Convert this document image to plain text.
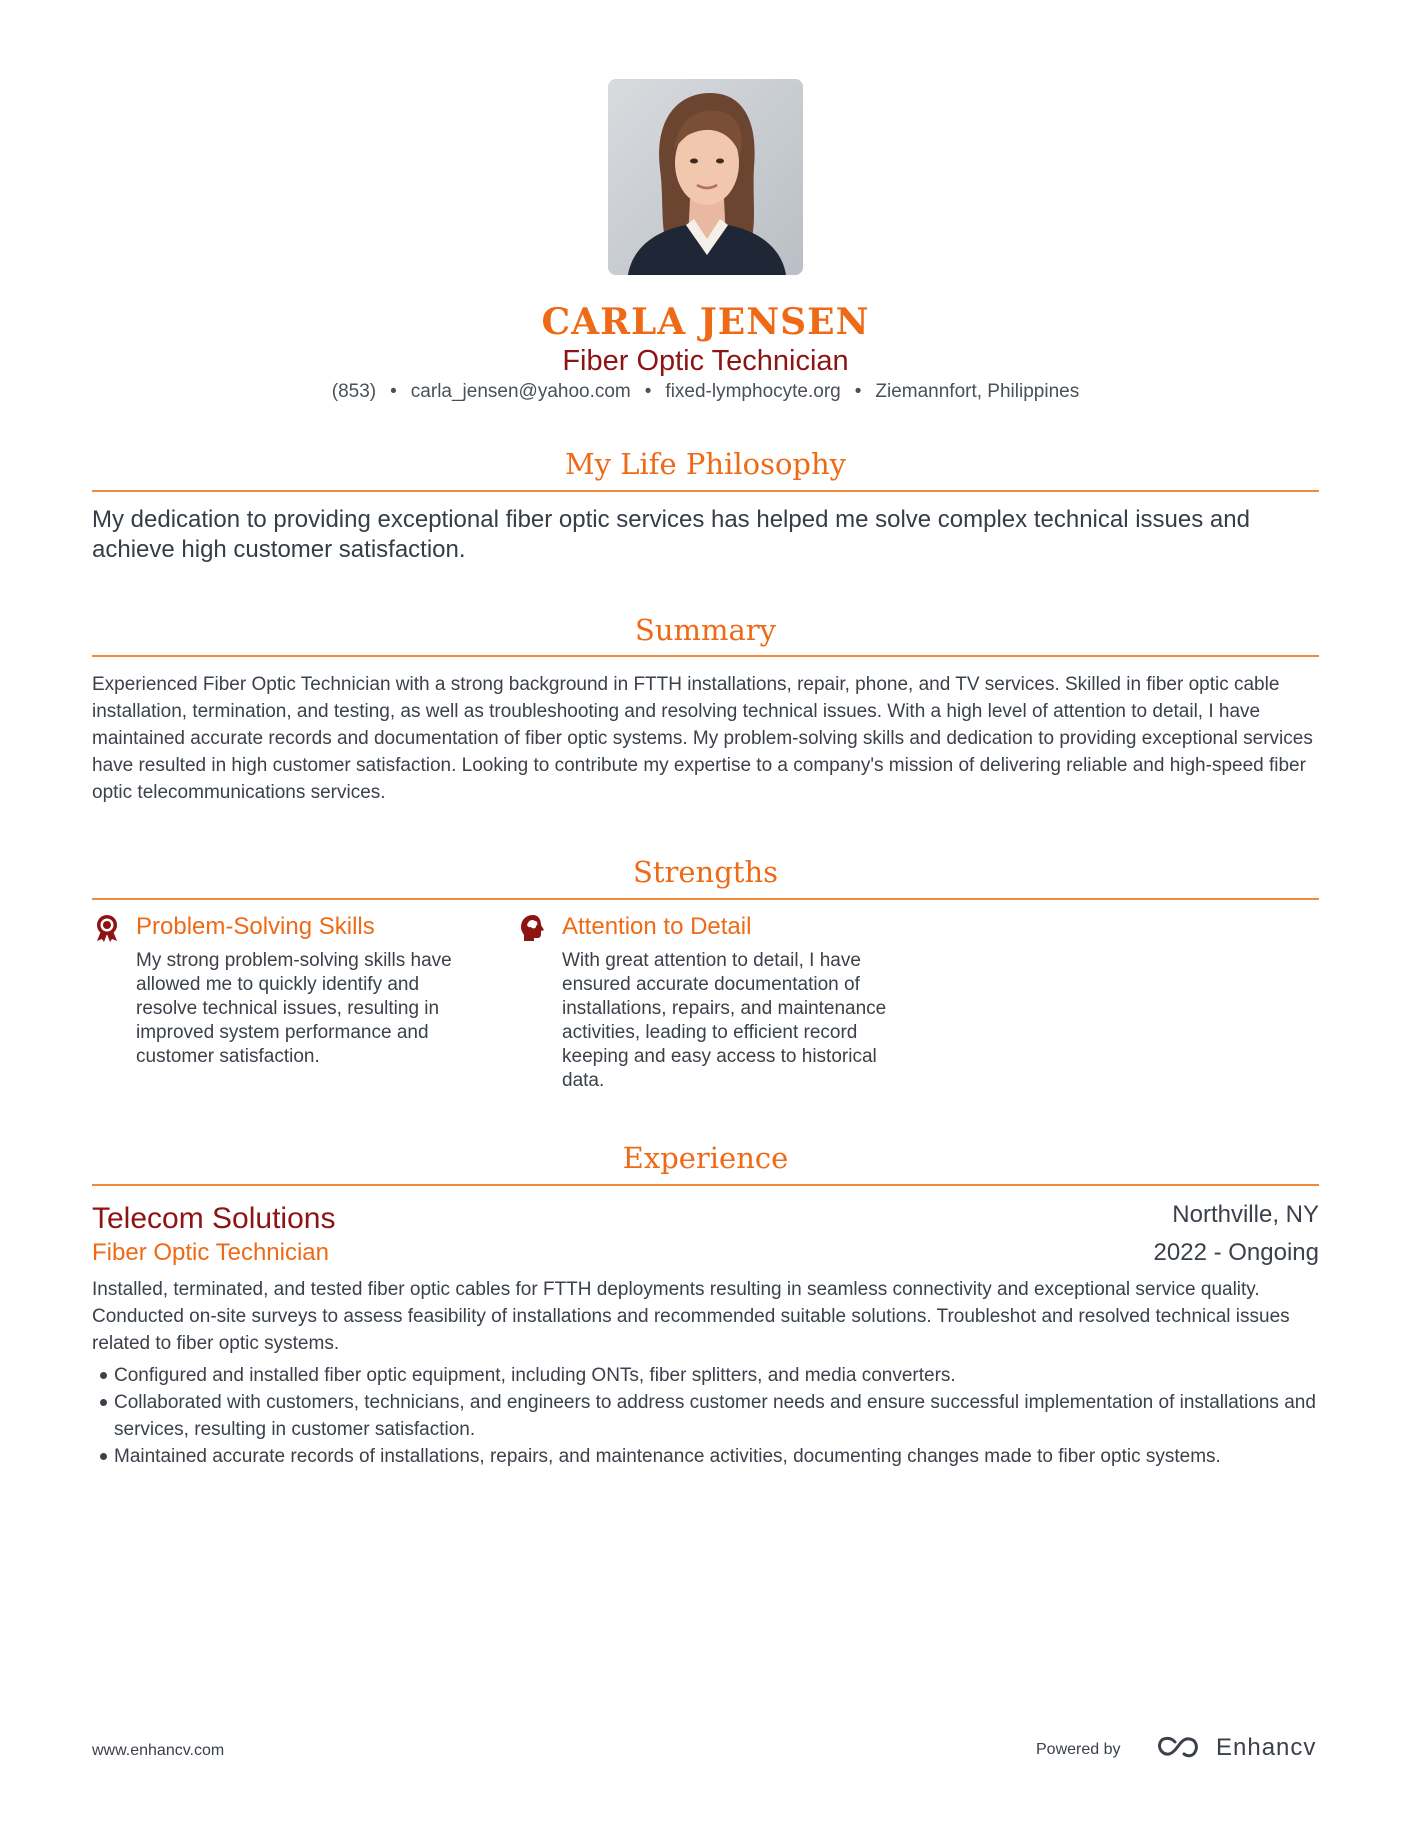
CARLA JENSEN
Fiber Optic Technician
(853) • carla_jensen@yahoo.com • fixed-lymphocyte.org • Ziemannfort, Philippines
My Life Philosophy
My dedication to providing exceptional fiber optic services has helped me solve complex technical issues and achieve high customer satisfaction.
Summary
Experienced Fiber Optic Technician with a strong background in FTTH installations, repair, phone, and TV services. Skilled in fiber optic cable installation, termination, and testing, as well as troubleshooting and resolving technical issues. With a high level of attention to detail, I have maintained accurate records and documentation of fiber optic systems. My problem-solving skills and dedication to providing exceptional services have resulted in high customer satisfaction. Looking to contribute my expertise to a company's mission of delivering reliable and high-speed fiber optic telecommunications services.
Strengths
Problem-Solving Skills
My strong problem-solving skills have allowed me to quickly identify and resolve technical issues, resulting in improved system performance and customer satisfaction.
Attention to Detail
With great attention to detail, I have ensured accurate documentation of installations, repairs, and maintenance activities, leading to efficient record keeping and easy access to historical data.
Experience
Telecom Solutions	Northville, NY
Fiber Optic Technician	2022 - Ongoing
Installed, terminated, and tested fiber optic cables for FTTH deployments resulting in seamless connectivity and exceptional service quality. Conducted on-site surveys to assess feasibility of installations and recommended suitable solutions. Troubleshot and resolved technical issues related to fiber optic systems.
Configured and installed fiber optic equipment, including ONTs, fiber splitters, and media converters.
Collaborated with customers, technicians, and engineers to address customer needs and ensure successful implementation of installations and services, resulting in customer satisfaction.
Maintained accurate records of installations, repairs, and maintenance activities, documenting changes made to fiber optic systems.
www.enhancv.com	Powered by	Enhancv
